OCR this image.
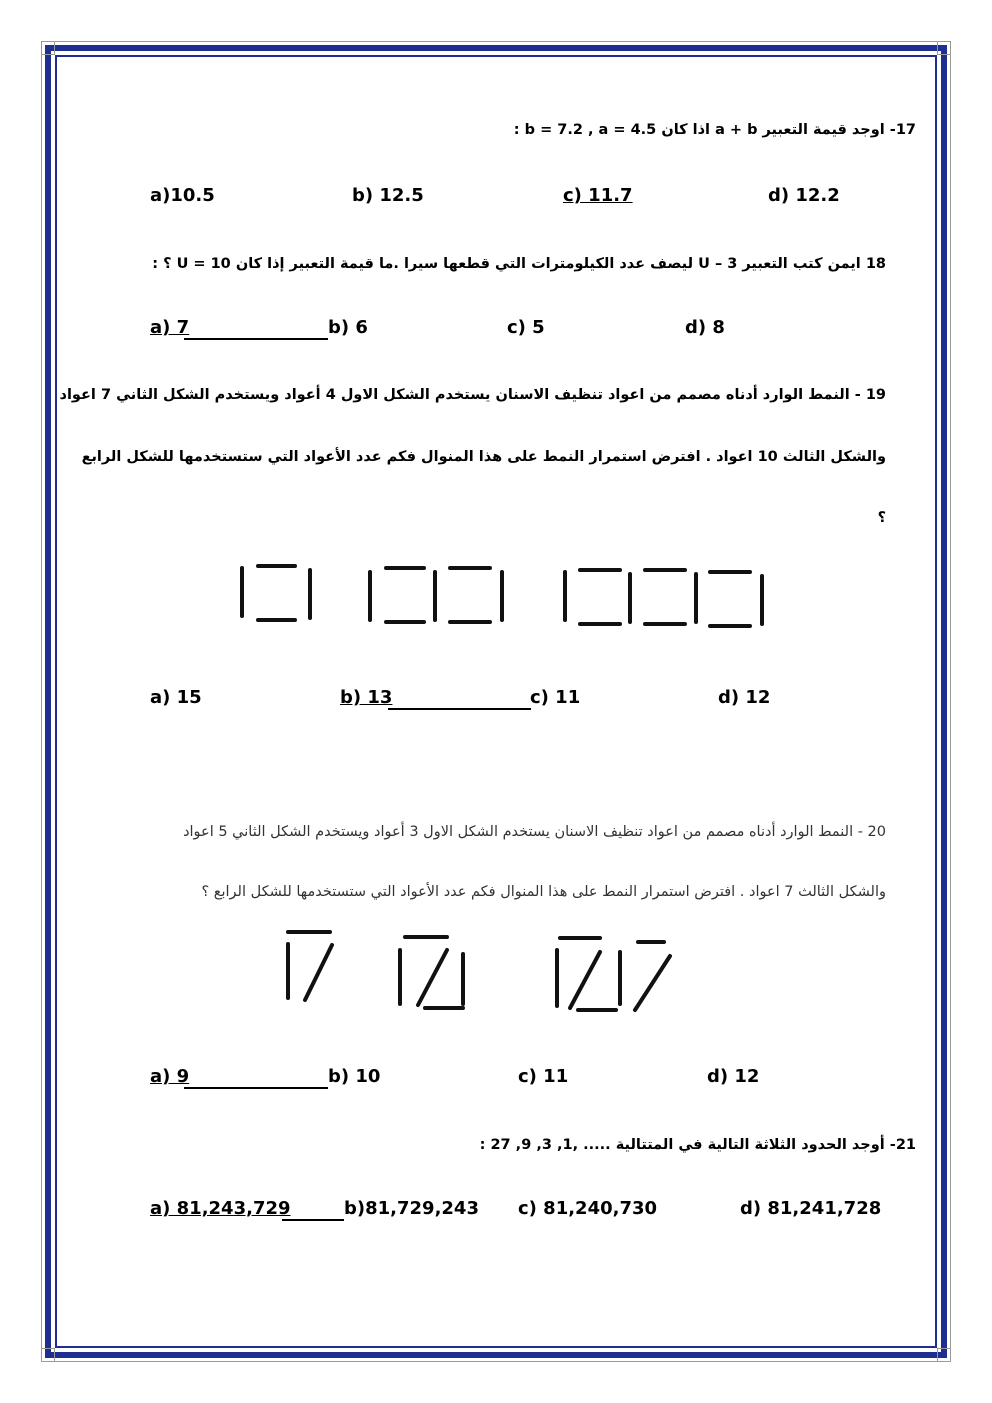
17- اوجد قيمة التعبير a + b اذا كان b = 7.2 , a = 4.5 :
a)10.5	b) 12.5	c) 11.7	d) 12.2
18 ايمن كتب التعبير 3 – U ليصف عدد الكيلومترات التي قطعها سيرا .ما قيمة التعبير إذا كان U = 10 ؟ :
a) 7	b) 6	c) 5	d) 8
19 - النمط الوارد أدناه مصمم من اعواد تنظيف الاسنان يستخدم الشكل الاول 4 أعواد ويستخدم الشكل الثاني 7 اعواد
والشكل الثالث 10 اعواد . افترض استمرار النمط على هذا المنوال فكم عدد الأعواد التي ستستخدمها للشكل الرابع
؟
a) 15	b) 13	c) 11	d) 12
20 - النمط الوارد أدناه مصمم من اعواد تنظيف الاسنان يستخدم الشكل الاول 3 أعواد ويستخدم الشكل الثاني 5 اعواد
والشكل الثالث 7 اعواد . افترض استمرار النمط على هذا المنوال فكم عدد الأعواد التي ستستخدمها للشكل الرابع ؟
a) 9	b) 10	c) 11	d) 12
21- أوجد الحدود الثلاثة التالية في المتتالية ..... ,1, 3, 9, 27 :
a) 81,243,729	b)81,729,243 c) 81,240,730	d) 81,241,728
